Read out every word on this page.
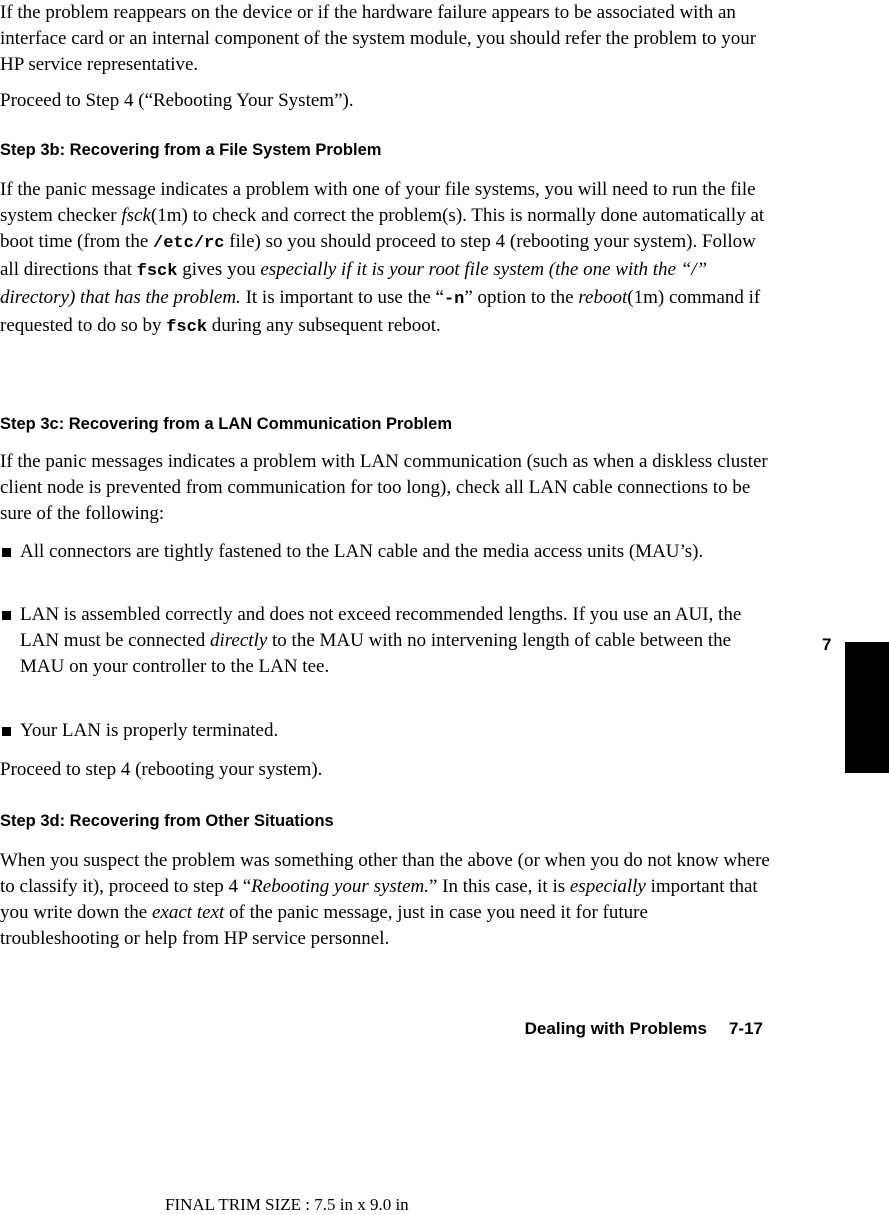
If the problem reappears on the device or if the hardware failure appears to be associated with an interface card or an internal component of the system module, you should refer the problem to your HP service representative.

Proceed to Step 4 (“Rebooting Your System”).

Step 3b: Recovering from a File System Problem

If the panic message indicates a problem with one of your file systems, you will need to run the file system checker fsck(1m) to check and correct the problem(s). This is normally done automatically at boot time (from the /etc/rc file) so you should proceed to step 4 (rebooting your system). Follow all directions that fsck gives you especially if it is your root file system (the one with the “/” directory) that has the problem. It is important to use the “-n” option to the reboot(1m) command if requested to do so by fsck during any subsequent reboot.

Step 3c: Recovering from a LAN Communication Problem

If the panic messages indicates a problem with LAN communication (such as when a diskless cluster client node is prevented from communication for too long), check all LAN cable connections to be sure of the following:

All connectors are tightly fastened to the LAN cable and the media access units (MAU’s).
LAN is assembled correctly and does not exceed recommended lengths. If you use an AUI, the LAN must be connected directly to the MAU with no intervening length of cable between the MAU on your controller to the LAN tee.
Your LAN is properly terminated.

Proceed to step 4 (rebooting your system).

Step 3d: Recovering from Other Situations

When you suspect the problem was something other than the above (or when you do not know where to classify it), proceed to step 4 “Rebooting your system.” In this case, it is especially important that you write down the exact text of the panic message, just in case you need it for future troubleshooting or help from HP service personnel.

Dealing with Problems 7-17
7
FINAL TRIM SIZE : 7.5 in x 9.0 in
